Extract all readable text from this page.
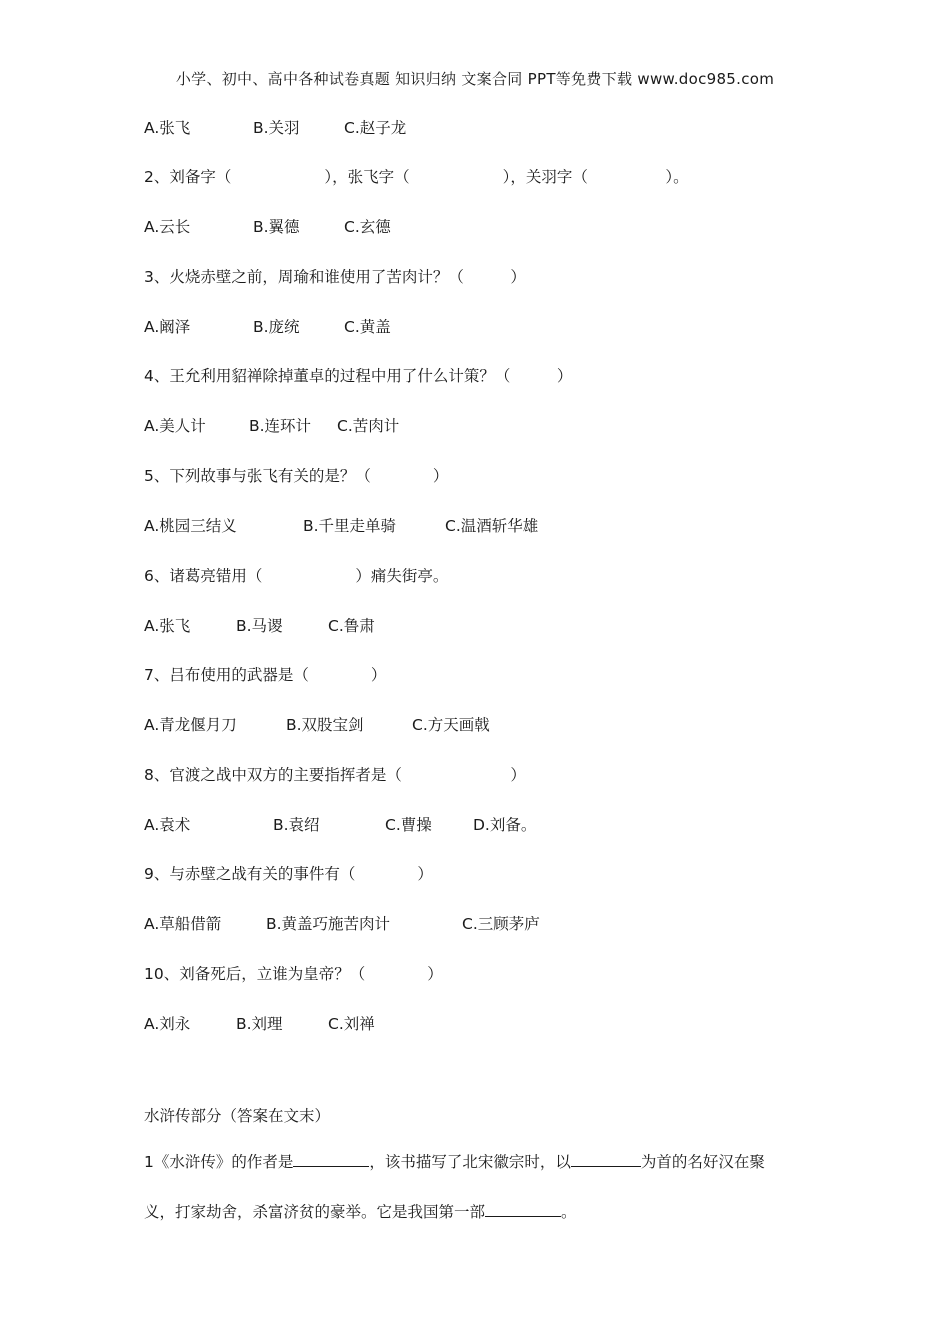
小学、初中、高中各种试卷真题 知识归纳 文案合同 PPT等免费下载 www.doc985.com
A.张飞	B.关羽	C.赵子龙
2、刘备字（　　　　　　），张飞字（　　　　　　），关羽字（　　　　　）。
A.云长	B.翼德	C.玄德
3、火烧赤壁之前，周瑜和谁使用了苦肉计？（　　　）
A.阚泽	B.庞统	C.黄盖
4、王允利用貂禅除掉董卓的过程中用了什么计策？（　　　）
A.美人计	B.连环计 C.苦肉计
5、下列故事与张飞有关的是？（　　　　）
A.桃园三结义	B.千里走单骑	C.温酒斩华雄
6、诸葛亮错用（　　　　　　）痛失街亭。
A.张飞	B.马谡	C.鲁肃
7、吕布使用的武器是（　　　　）
A.青龙偃月刀	B.双股宝剑	C.方天画戟
8、官渡之战中双方的主要指挥者是（　　　　　　　）
A.袁术	B.袁绍	C.曹操	D.刘备。
9、与赤壁之战有关的事件有（　　　　）
A.草船借箭	B.黄盖巧施苦肉计	C.三顾茅庐
10、刘备死后，立谁为皇帝？（　　　　）
A.刘永	B.刘理	C.刘禅
水浒传部分（答案在文末）
1《水浒传》的作者是	，该书描写了北宋徽宗时，以	为首的名好汉在聚
义，打家劫舍，杀富济贫的豪举。它是我国第一部	。
